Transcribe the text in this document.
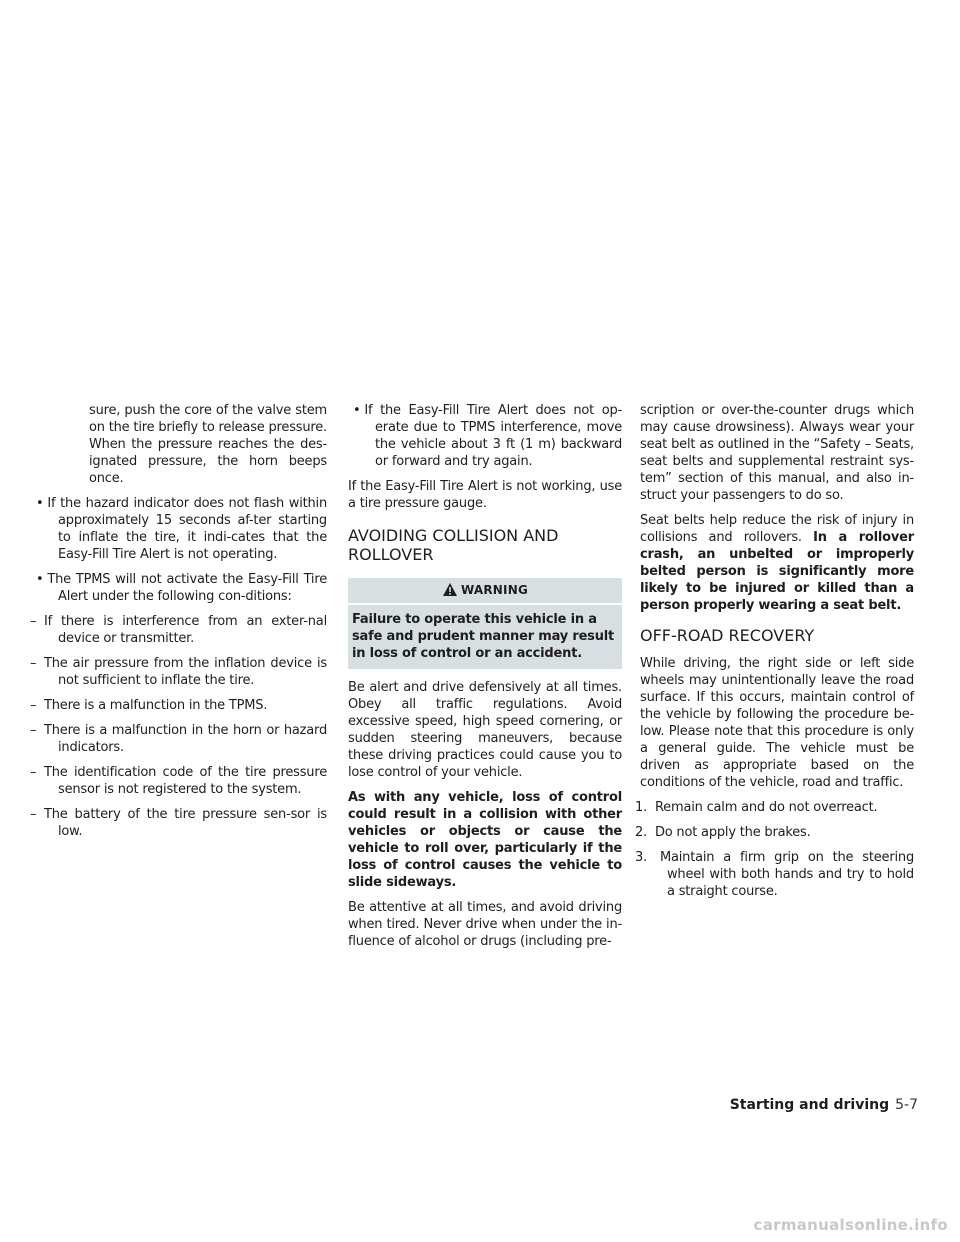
sure, push the core of the valve stem on the tire briefly to release pressure. When the pressure reaches the des-ignated pressure, the horn beeps once.

• If the hazard indicator does not flash within approximately 15 seconds af-ter starting to inflate the tire, it indi-cates that the Easy-Fill Tire Alert is not operating.

• The TPMS will not activate the Easy-Fill Tire Alert under the following con-ditions:

– If there is interference from an exter-nal device or transmitter.

– The air pressure from the inflation device is not sufficient to inflate the tire.

– There is a malfunction in the TPMS.

– There is a malfunction in the horn or hazard indicators.

– The identification code of the tire pressure sensor is not registered to the system.

– The battery of the tire pressure sen-sor is low.

• If the Easy-Fill Tire Alert does not op-erate due to TPMS interference, move the vehicle about 3 ft (1 m) backward or forward and try again.

If the Easy-Fill Tire Alert is not working, use a tire pressure gauge.

AVOIDING COLLISION AND
ROLLOVER
WARNING
Failure to operate this vehicle in a safe and prudent manner may result in loss of control or an accident.

Be alert and drive defensively at all times. Obey all traffic regulations. Avoid excessive speed, high speed cornering, or sudden steering maneuvers, because these driving practices could cause you to lose control of your vehicle.

As with any vehicle, loss of control could result in a collision with other vehicles or objects or cause the vehicle to roll over, particularly if the loss of control causes the vehicle to slide sideways.

Be attentive at all times, and avoid driving when tired. Never drive when under the in-fluence of alcohol or drugs (including pre-

scription or over-the-counter drugs which may cause drowsiness). Always wear your seat belt as outlined in the “Safety – Seats, seat belts and supplemental restraint sys-tem” section of this manual, and also in-struct your passengers to do so.

Seat belts help reduce the risk of injury in collisions and rollovers. In a rollover crash, an unbelted or improperly belted person is significantly more likely to be injured or killed than a person properly wearing a seat belt.

OFF-ROAD RECOVERY

While driving, the right side or left side wheels may unintentionally leave the road surface. If this occurs, maintain control of the vehicle by following the procedure be-low. Please note that this procedure is only a general guide. The vehicle must be driven as appropriate based on the conditions of the vehicle, road and traffic.

1. Remain calm and do not overreact.

2. Do not apply the brakes.

3. Maintain a firm grip on the steering wheel with both hands and try to hold a straight course.

Starting and driving 5-7
carmanualsonline.info
